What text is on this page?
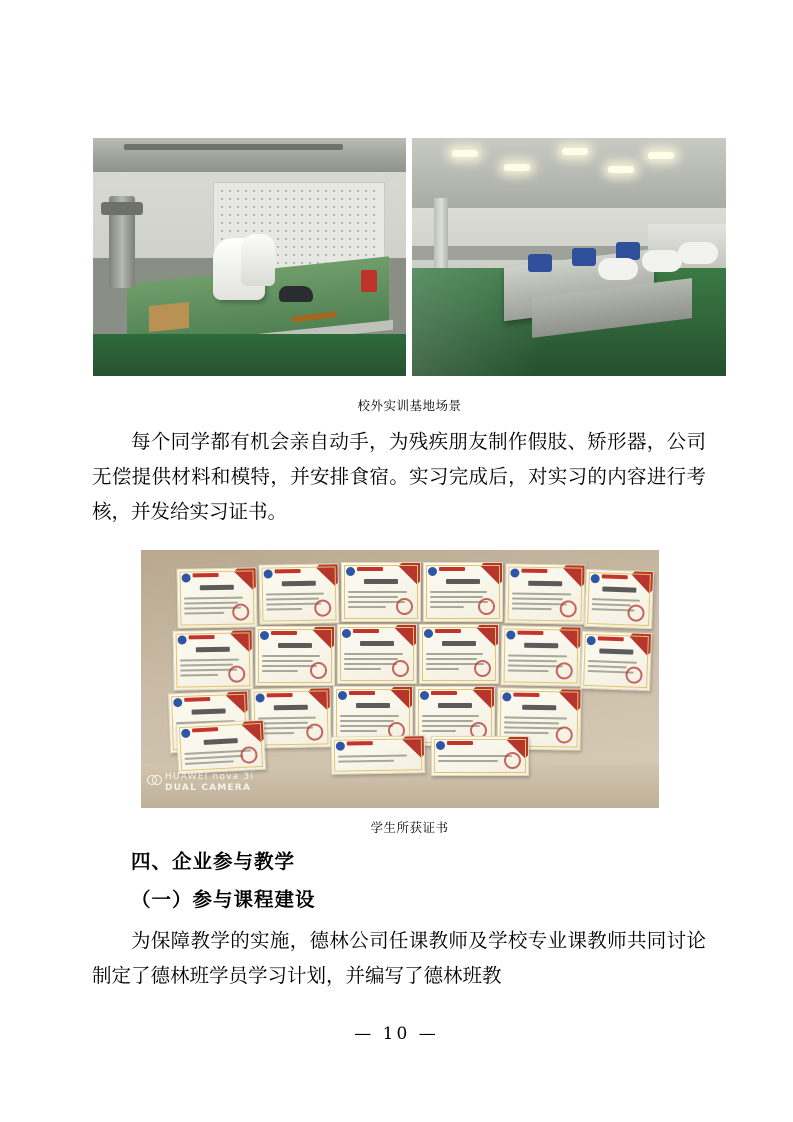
校外实训基地场景
每个同学都有机会亲自动手，为残疾朋友制作假肢、矫形器，公司无偿提供材料和模特，并安排食宿。实习完成后，对实习的内容进行考核，并发给实习证书。
HUAWEI nova 3i
DUAL CAMERA
学生所获证书
四、企业参与教学
（一）参与课程建设
为保障教学的实施，德林公司任课教师及学校专业课教师共同讨论制定了德林班学员学习计划，并编写了德林班教
— 10 —
